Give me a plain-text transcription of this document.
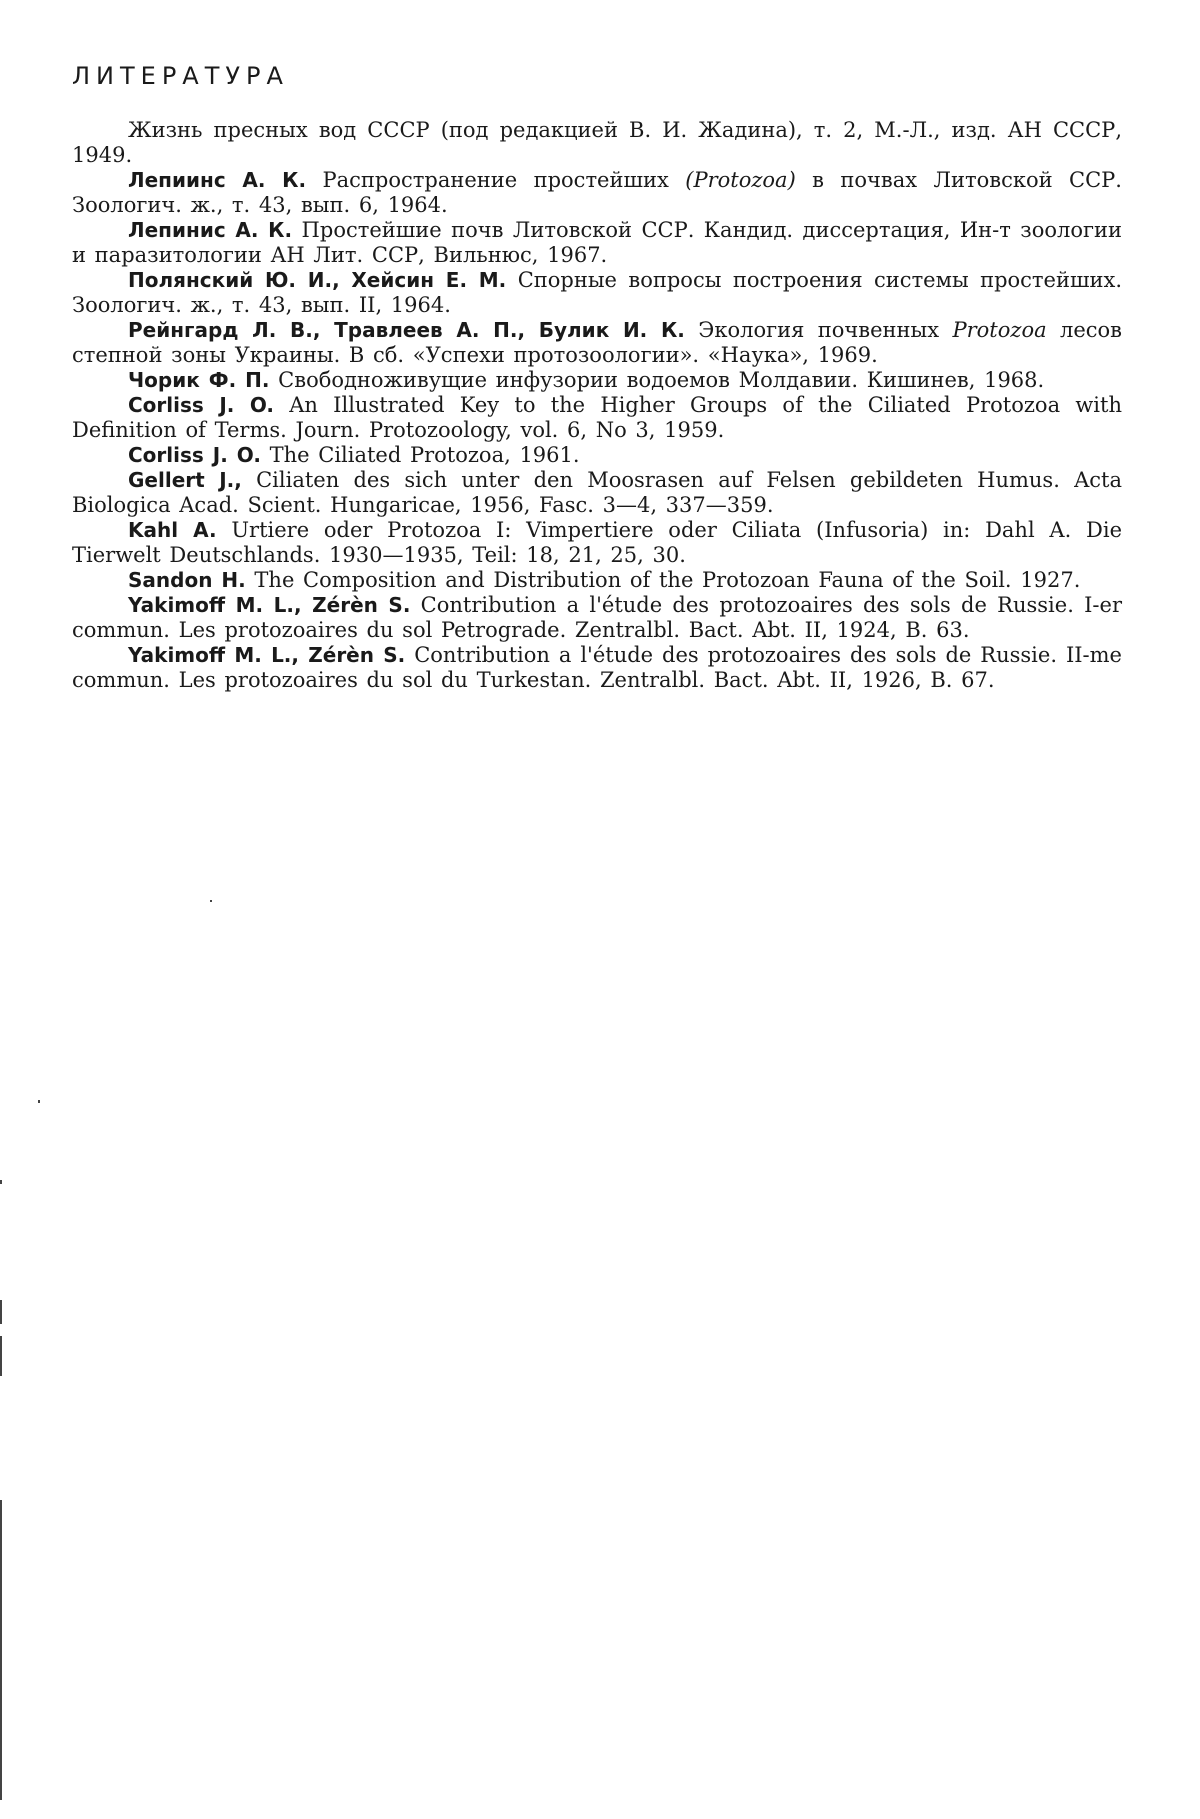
ЛИТЕРАТУРА

Жизнь пресных вод СССР (под редакцией В. И. Жадина), т. 2, М.-Л., изд. АН СССР, 1949.

Лепиинс А. К. Распространение простейших (Protozoa) в почвах Литовской ССР. Зоологич. ж., т. 43, вып. 6, 1964.

Лепинис А. К. Простейшие почв Литовской ССР. Кандид. диссертация, Ин-т зоологии и паразитологии АН Лит. ССР, Вильнюс, 1967.

Полянский Ю. И., Хейсин Е. М. Спорные вопросы построения системы простейших. Зоологич. ж., т. 43, вып. II, 1964.

Рейнгард Л. В., Травлеев А. П., Булик И. К. Экология почвенных Protozoa лесов степной зоны Украины. В сб. «Успехи протозоологии». «Наука», 1969.

Чорик Ф. П. Свободноживущие инфузории водоемов Молдавии. Кишинев, 1968.

Corliss J. O. An Illustrated Key to the Higher Groups of the Ciliated Protozoa with Definition of Terms. Journ. Protozoology, vol. 6, No 3, 1959.

Corliss J. O. The Ciliated Protozoa, 1961.

Gellert J., Ciliaten des sich unter den Moosrasen auf Felsen gebildeten Humus. Acta Biologica Acad. Scient. Hungaricae, 1956, Fasc. 3—4, 337—359.

Kahl A. Urtiere oder Protozoa I: Vimpertiere oder Ciliata (Infusoria) in: Dahl A. Die Tierwelt Deutschlands. 1930—1935, Teil: 18, 21, 25, 30.

Sandon H. The Composition and Distribution of the Protozoan Fauna of the Soil. 1927.

Yakimoff M. L., Zérèn S. Contribution a l'étude des protozoaires des sols de Russie. I-er commun. Les protozoaires du sol Petrograde. Zentralbl. Bact. Abt. II, 1924, B. 63.

Yakimoff M. L., Zérèn S. Contribution a l'étude des protozoaires des sols de Russie. II-me commun. Les protozoaires du sol du Turkestan. Zentralbl. Bact. Abt. II, 1926, B. 67.
